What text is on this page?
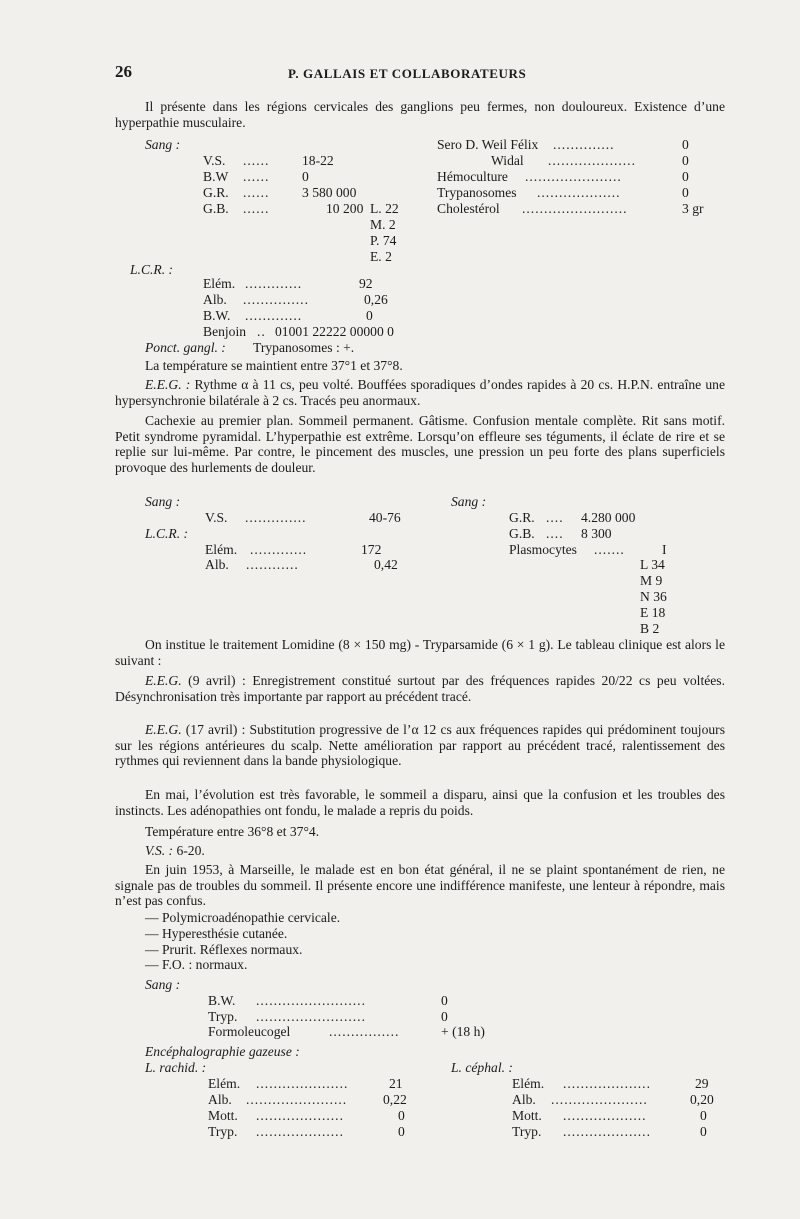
26	P. GALLAIS ET COLLABORATEURS
Il présente dans les régions cervicales des ganglions peu fermes, non douloureux. Existence d’une hyperpathie musculaire.
Sang :
V.S. ...... 18-22
B.W ...... 0
G.R. ...... 3 580 000
G.B. ......	10 200 L. 22
M. 2
P. 74
E. 2
Sero D. Weil Félix ..............	0
Widal ....................	0
Hémoculture ......................	0
Trypanosomes ...................	0
Cholestérol ........................	3 gr
L.C.R. :
Elém. .............	92
Alb. ...............	0,26
B.W. .............	0
Benjoin .. 01001 22222 00000 0
Ponct. gangl. : Trypanosomes : +.
La température se maintient entre 37°1 et 37°8.
E.E.G. : Rythme α à 11 cs, peu volté. Bouffées sporadiques d’ondes rapides à 20 cs. H.P.N. entraîne une hypersynchronie bilatérale à 2 cs. Tracés peu anormaux.
Cachexie au premier plan. Sommeil permanent. Gâtisme. Confusion mentale complète. Rit sans motif. Petit syndrome pyramidal. L’hyperpathie est extrême. Lorsqu’on effleure ses téguments, il éclate de rire et se replie sur lui-même. Par contre, le pincement des muscles, une pression un peu forte des plans superficiels provoque des hurlements de douleur.
Sang :
V.S. ..............	40-76
L.C.R. :
Elém. .............	172
Alb. ............	0,42
Sang :
G.R. .... 4.280 000
G.B. .... 8 300
Plasmocytes .......	I
L 34
M 9
N 36
E 18
B 2
On institue le traitement Lomidine (8 × 150 mg) - Tryparsamide (6 × 1 g). Le tableau clinique est alors le suivant :
E.E.G. (9 avril) : Enregistrement constitué surtout par des fréquences rapides 20/22 cs peu voltées. Désynchronisation très importante par rapport au précédent tracé.
E.E.G. (17 avril) : Substitution progressive de l’α 12 cs aux fréquences rapides qui prédominent toujours sur les régions antérieures du scalp. Nette amélioration par rapport au précédent tracé, ralentissement des rythmes qui reviennent dans la bande physiologique.
En mai, l’évolution est très favorable, le sommeil a disparu, ainsi que la confusion et les troubles des instincts. Les adénopathies ont fondu, le malade a repris du poids.
Température entre 36°8 et 37°4.
V.S. : 6-20.
En juin 1953, à Marseille, le malade est en bon état général, il ne se plaint spontanément de rien, ne signale pas de troubles du sommeil. Il présente encore une indifférence manifeste, une lenteur à répondre, mais n’est pas confus.
— Polymicroadénopathie cervicale.
— Hyperesthésie cutanée.
— Prurit. Réflexes normaux.
— F.O. : normaux.
Sang :
B.W. .........................	0
Tryp. .........................	0
Formoleucogel	................	+ (18 h)
Encéphalographie gazeuse :
L. rachid. :	L. céphal. :
Elém. .....................	21
Alb. .......................	0,22
Mott. ....................	0
Tryp. ....................	0
Elém. ....................	29
Alb. ......................	0,20
Mott. ...................	0
Tryp. ....................	0
